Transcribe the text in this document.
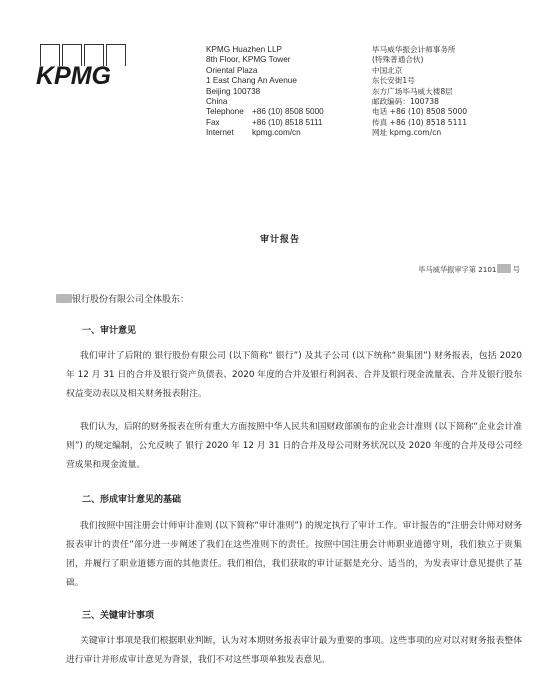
KPMG
KPMG Huazhen LLP
8th Floor, KPMG Tower
Oriental Plaza
1 East Chang An Avenue
Beijing 100738
China
Telephone	+86 (10) 8508 5000
Fax	+86 (10) 8518 5111
Internet	kpmg.com/cn
毕马威华振会计师事务所
(特殊普通合伙)
中国北京
东长安街1号
东方广场毕马威大楼8层
邮政编码：100738
电话 +86 (10) 8508 5000
传真 +86 (10) 8518 5111
网址 kpmg.com/cn
审计报告
毕马威华振审字第 2101 号
银行股份有限公司全体股东：
一、审计意见
我们审计了后附的 银行股份有限公司 (以下简称“ 银行”) 及其子公司 (以下统称“贵集团”) 财务报表，包括 2020 年 12 月 31 日的合并及银行资产负债表、2020 年度的合并及银行利润表、合并及银行现金流量表、合并及银行股东权益变动表以及相关财务报表附注。
我们认为，后附的财务报表在所有重大方面按照中华人民共和国财政部颁布的企业会计准则 (以下简称“企业会计准则”) 的规定编制，公允反映了 银行 2020 年 12 月 31 日的合并及母公司财务状况以及 2020 年度的合并及母公司经营成果和现金流量。
二、形成审计意见的基础
我们按照中国注册会计师审计准则 (以下简称“审计准则”) 的规定执行了审计工作。审计报告的“注册会计师对财务报表审计的责任”部分进一步阐述了我们在这些准则下的责任。按照中国注册会计师职业道德守则，我们独立于贵集团，并履行了职业道德方面的其他责任。我们相信，我们获取的审计证据是充分、适当的，为发表审计意见提供了基础。
三、关键审计事项
关键审计事项是我们根据职业判断，认为对本期财务报表审计最为重要的事项。这些事项的应对以对财务报表整体进行审计并形成审计意见为背景，我们不对这些事项单独发表意见。
